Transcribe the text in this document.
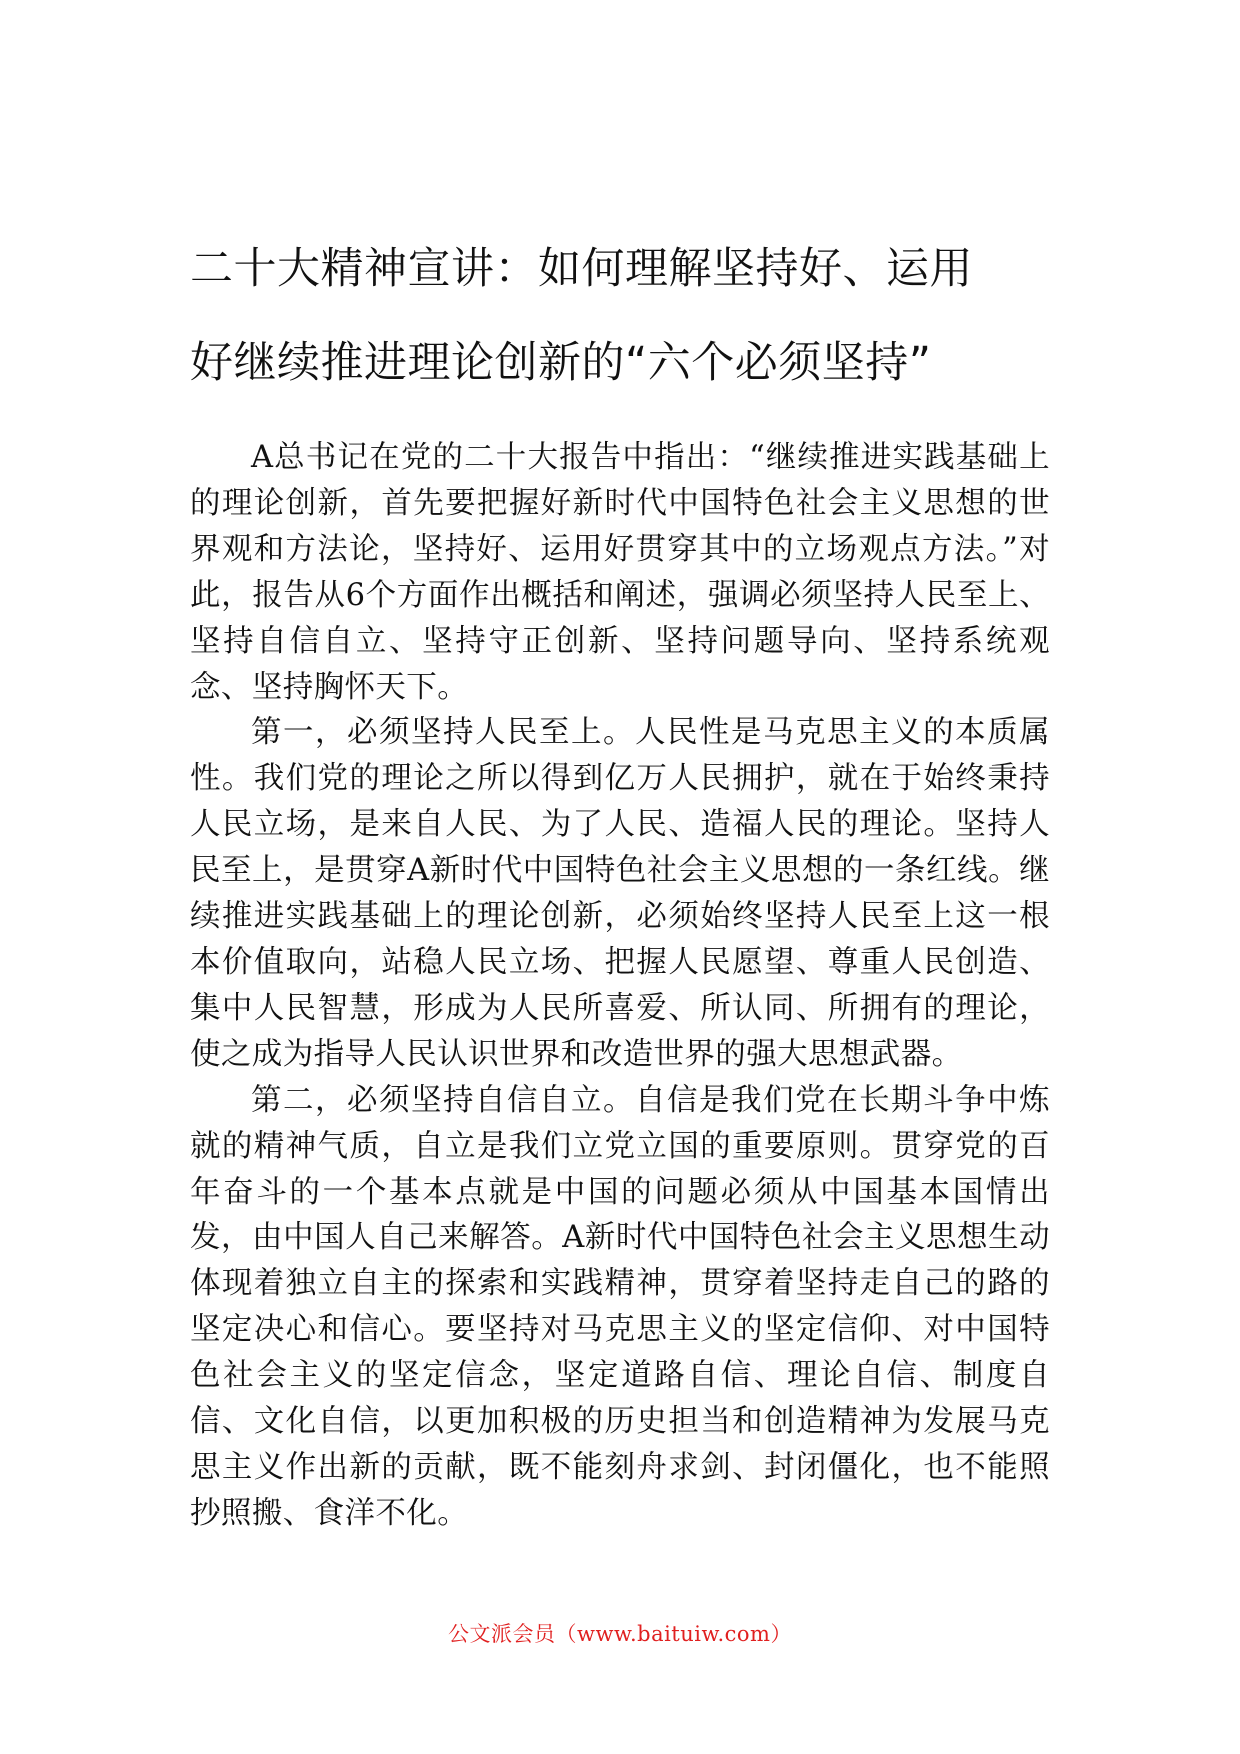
二十大精神宣讲：如何理解坚持好、运用
好继续推进理论创新的“六个必须坚持”

A总书记在党的二十大报告中指出：“继续推进实践基础上的理论创新，首先要把握好新时代中国特色社会主义思想的世界观和方法论，坚持好、运用好贯穿其中的立场观点方法。”对此，报告从6个方面作出概括和阐述，强调必须坚持人民至上、坚持自信自立、坚持守正创新、坚持问题导向、坚持系统观念、坚持胸怀天下。

第一，必须坚持人民至上。人民性是马克思主义的本质属性。我们党的理论之所以得到亿万人民拥护，就在于始终秉持人民立场，是来自人民、为了人民、造福人民的理论。坚持人民至上，是贯穿A新时代中国特色社会主义思想的一条红线。继续推进实践基础上的理论创新，必须始终坚持人民至上这一根本价值取向，站稳人民立场、把握人民愿望、尊重人民创造、集中人民智慧，形成为人民所喜爱、所认同、所拥有的理论，使之成为指导人民认识世界和改造世界的强大思想武器。

第二，必须坚持自信自立。自信是我们党在长期斗争中炼就的精神气质，自立是我们立党立国的重要原则。贯穿党的百年奋斗的一个基本点就是中国的问题必须从中国基本国情出发，由中国人自己来解答。A新时代中国特色社会主义思想生动体现着独立自主的探索和实践精神，贯穿着坚持走自己的路的坚定决心和信心。要坚持对马克思主义的坚定信仰、对中国特色社会主义的坚定信念，坚定道路自信、理论自信、制度自信、文化自信，以更加积极的历史担当和创造精神为发展马克思主义作出新的贡献，既不能刻舟求剑、封闭僵化，也不能照抄照搬、食洋不化。

公文派会员（www.baituiw.com）
